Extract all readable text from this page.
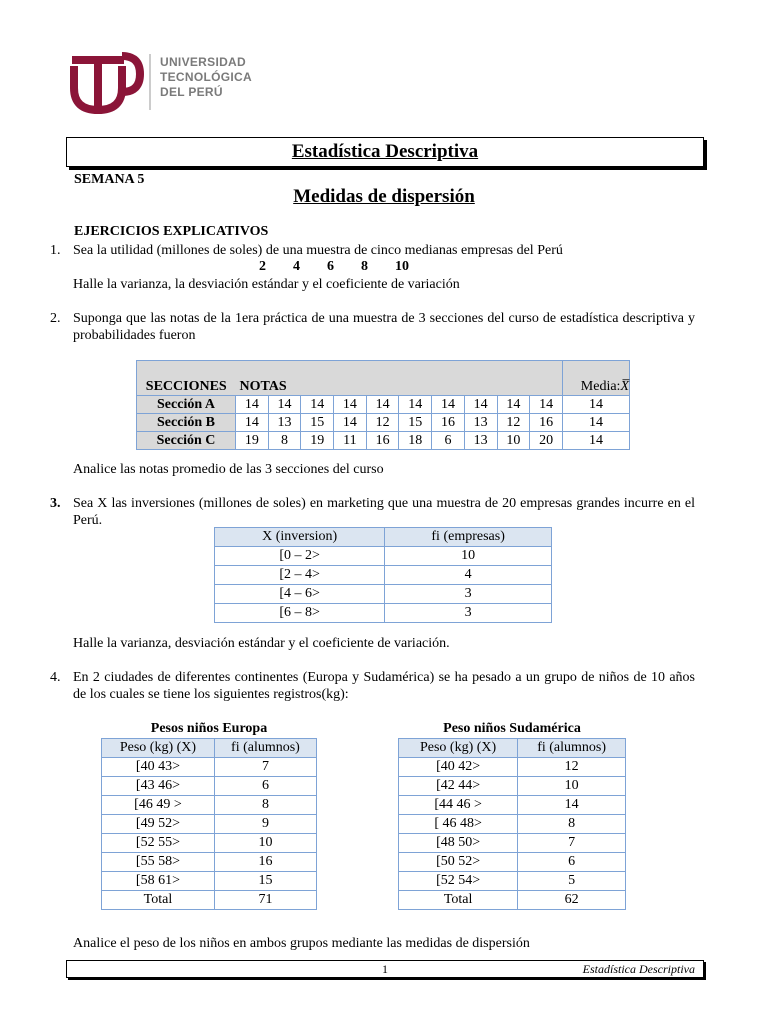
UNIVERSIDAD
TECNOLÓGICA
DEL PERÚ
Estadística Descriptiva
SEMANA 5
Medidas de dispersión
EJERCICIOS EXPLICATIVOS
1. Sea la utilidad (millones de soles) de una muestra de cinco medianas empresas del Perú
2 4 6 8 10
Halle la varianza, la desviación estándar y el coeficiente de variación
2. Suponga que las notas de la 1era práctica de una muestra de 3 secciones del curso de estadística descriptiva y probabilidades fueron
SECCIONES	NOTAS										Media:X̅
Sección A	14	14	14	14	14	14	14	14	14	14	14
Sección B	14	13	15	14	12	15	16	13	12	16	14
Sección C	19	8	19	11	16	18	6	13	10	20	14
Analice las notas promedio de las 3 secciones del curso
3. Sea X las inversiones (millones de soles) en marketing que una muestra de 20 empresas grandes incurre en el Perú.
X (inversion)	fi (empresas)
[0 – 2>	10
[2 – 4>	4
[4 – 6>	3
[6 – 8>	3
Halle la varianza, desviación estándar y el coeficiente de variación.
4. En 2 ciudades de diferentes continentes (Europa y Sudamérica) se ha pesado a un grupo de niños de 10 años de los cuales se tiene los siguientes registros(kg):
Pesos niños Europa
Peso (kg) (X)	fi (alumnos)
[40 43>	7
[43 46>	6
[46 49 >	8
[49 52>	9
[52 55>	10
[55 58>	16
[58 61>	15
Total	71
Peso niños Sudamérica
Peso (kg) (X)	fi (alumnos)
[40 42>	12
[42 44>	10
[44 46 >	14
[ 46 48>	8
[48 50>	7
[50 52>	6
[52 54>	5
Total	62
Analice el peso de los niños en ambos grupos mediante las medidas de dispersión
1	Estadística Descriptiva
